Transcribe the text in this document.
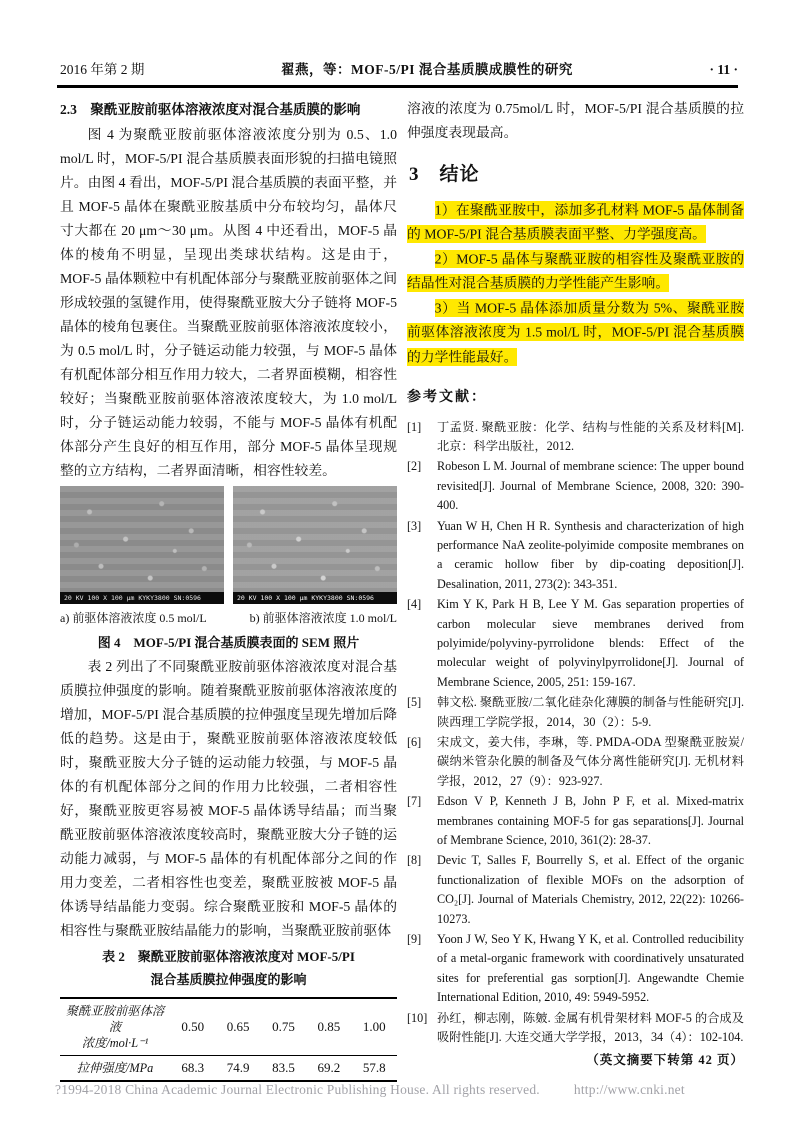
2016 年第 2 期	翟燕，等：MOF-5/PI 混合基质膜成膜性的研究	· 11 ·
2.3　聚酰亚胺前驱体溶液浓度对混合基质膜的影响

图 4 为聚酰亚胺前驱体溶液浓度分别为 0.5、1.0 mol/L 时，MOF-5/PI 混合基质膜表面形貌的扫描电镜照片。由图 4 看出，MOF-5/PI 混合基质膜的表面平整，并且 MOF-5 晶体在聚酰亚胺基质中分布较均匀，晶体尺寸大都在 20 μm～30 μm。从图 4 中还看出，MOF-5 晶体的棱角不明显，呈现出类球状结构。这是由于，MOF-5 晶体颗粒中有机配体部分与聚酰亚胺前驱体之间形成较强的氢键作用，使得聚酰亚胺大分子链将 MOF-5 晶体的棱角包裹住。当聚酰亚胺前驱体溶液浓度较小，为 0.5 mol/L 时，分子链运动能力较强，与 MOF-5 晶体有机配体部分相互作用力较大，二者界面模糊，相容性较好；当聚酰亚胺前驱体溶液浓度较大，为 1.0 mol/L 时，分子链运动能力较弱，不能与 MOF-5 晶体有机配体部分产生良好的相互作用，部分 MOF-5 晶体呈现规整的立方结构，二者界面清晰，相容性较差。

20 KV 100 X 100 μm KYKY3800 SN:0596	20 KV 100 X 100 μm KYKY3800 SN:0596
a) 前驱体溶液浓度 0.5 mol/L	b) 前驱体溶液浓度 1.0 mol/L
图 4　MOF-5/PI 混合基质膜表面的 SEM 照片

表 2 列出了不同聚酰亚胺前驱体溶液浓度对混合基质膜拉伸强度的影响。随着聚酰亚胺前驱体溶液浓度的增加，MOF-5/PI 混合基质膜的拉伸强度呈现先增加后降低的趋势。这是由于，聚酰亚胺前驱体溶液浓度较低时，聚酰亚胺大分子链的运动能力较强，与 MOF-5 晶体的有机配体部分之间的作用力比较强，二者相容性好，聚酰亚胺更容易被 MOF-5 晶体诱导结晶；而当聚酰亚胺前驱体溶液浓度较高时，聚酰亚胺大分子链的运动能力减弱，与 MOF-5 晶体的有机配体部分之间的作用力变差，二者相容性也变差，聚酰亚胺被 MOF-5 晶体诱导结晶能力变弱。综合聚酰亚胺和 MOF-5 晶体的相容性与聚酰亚胺结晶能力的影响，当聚酰亚胺前驱体

表 2　聚酰亚胺前驱体溶液浓度对 MOF-5/PI
混合基质膜拉伸强度的影响
聚酰亚胺前驱体溶液
浓度/mol·L⁻¹	0.50	0.65	0.75	0.85	1.00
拉伸强度/MPa	68.3	74.9	83.5	69.2	57.8

溶液的浓度为 0.75mol/L 时，MOF-5/PI 混合基质膜的拉伸强度表现最高。

3　结论

1）在聚酰亚胺中，添加多孔材料 MOF-5 晶体制备的 MOF-5/PI 混合基质膜表面平整、力学强度高。

2）MOF-5 晶体与聚酰亚胺的相容性及聚酰亚胺的结晶性对混合基质膜的力学性能产生影响。

3）当 MOF-5 晶体添加质量分数为 5%、聚酰亚胺前驱体溶液浓度为 1.5 mol/L 时，MOF-5/PI 混合基质膜的力学性能最好。

参考文献：
[1]	丁孟贤. 聚酰亚胺：化学、结构与性能的关系及材料[M]. 北京：科学出版社，2012.
[2]	Robeson L M. Journal of membrane science: The upper bound revisited[J]. Journal of Membrane Science, 2008, 320: 390-400.
[3]	Yuan W H, Chen H R. Synthesis and characterization of high performance NaA zeolite-polyimide composite membranes on a ceramic hollow fiber by dip-coating deposition[J]. Desalination, 2011, 273(2): 343-351.
[4]	Kim Y K, Park H B, Lee Y M. Gas separation properties of carbon molecular sieve membranes derived from polyimide/polyviny-pyrrolidone blends: Effect of the molecular weight of polyvinylpyrrolidone[J]. Journal of Membrane Science, 2005, 251: 159-167.
[5]	韩文松. 聚酰亚胺/二氧化硅杂化薄膜的制备与性能研究[J]. 陕西理工学院学报，2014，30（2）：5-9.
[6]	宋成文，姜大伟，李琳，等. PMDA-ODA 型聚酰亚胺炭/碳纳米管杂化膜的制备及气体分离性能研究[J]. 无机材料学报，2012，27（9）：923-927.
[7]	Edson V P, Kenneth J B, John P F, et al. Mixed-matrix membranes containing MOF-5 for gas separations[J]. Journal of Membrane Science, 2010, 361(2): 28-37.
[8]	Devic T, Salles F, Bourrelly S, et al. Effect of the organic functionalization of flexible MOFs on the adsorption of CO₂[J]. Journal of Materials Chemistry, 2012, 22(22): 10266-10273.
[9]	Yoon J W, Seo Y K, Hwang Y K, et al. Controlled reducibility of a metal-organic framework with coordinatively unsaturated sites for preferential gas sorption[J]. Angewandte Chemie International Edition, 2010, 49: 5949-5952.
[10] 孙红，柳志刚，陈皴. 金属有机骨架材料 MOF-5 的合成及吸附性能[J]. 大连交通大学学报，2013，34（4）：102-104.
（英文摘要下转第 42 页）
?1994-2018 China Academic Journal Electronic Publishing House. All rights reserved.	http://www.cnki.net
